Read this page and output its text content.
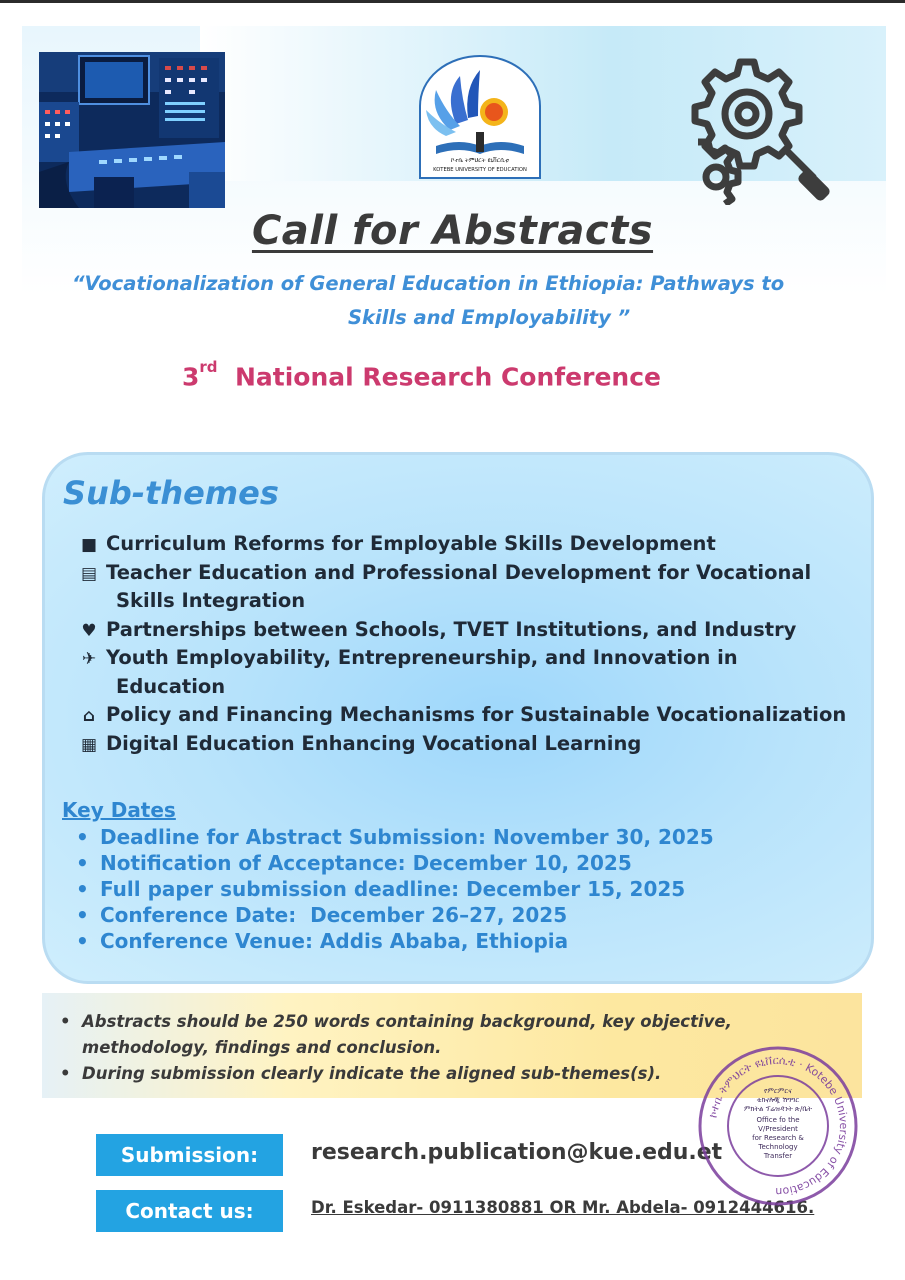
ኮተቤ ትምህርት ዩኒቨርሲቲ
KOTEBE UNIVERSITY OF EDUCATION
Call for Abstracts
“Vocationalization of General Education in Ethiopia: Pathways to
Skills and Employability ”
3rd National Research Conference
Sub-themes
■ Curriculum Reforms for Employable Skills Development
▤ Teacher Education and Professional Development for Vocational
Skills Integration
♥ Partnerships between Schools, TVET Institutions, and Industry
✈ Youth Employability, Entrepreneurship, and Innovation in
Education
⌂ Policy and Financing Mechanisms for Sustainable Vocationalization
▦ Digital Education Enhancing Vocational Learning
Key Dates
• Deadline for Abstract Submission: November 30, 2025
• Notification of Acceptance: December 10, 2025
• Full paper submission deadline: December 15, 2025
• Conference Date:  December 26–27, 2025
• Conference Venue: Addis Ababa, Ethiopia
• Abstracts should be 250 words containing background, key objective,
methodology, findings and conclusion.
• During submission clearly indicate the aligned sub-themes(s).
Submission:	research.publication@kue.edu.et
Contact us:	Dr. Eskedar- 0911380881 OR Mr. Abdela- 0912444616.
ኮተቤ ትምህርት ዩኒቨርሲቲ · Kotebe University of Education
የምርምርና
ቴክኖሎጂ ሽግግር
ምክትል ፕሬዝዳንት ጽ/ቤት
Office fo the
V/President
for Research &
Technology
Transfer
